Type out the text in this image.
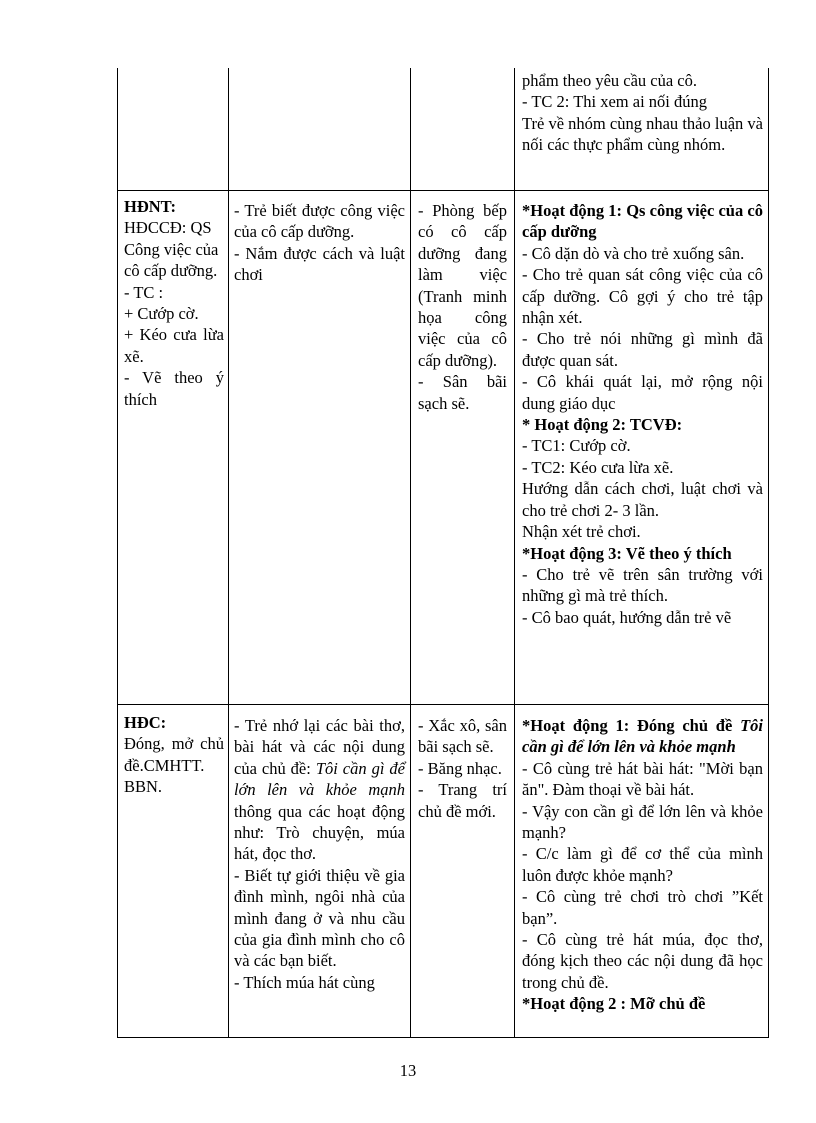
phẩm theo yêu cầu của cô.

- TC 2: Thi xem ai nối đúng

Trẻ về nhóm cùng nhau thảo luận và nối các thực phẩm cùng nhóm.

HĐNT:

HĐCCĐ: QS Công việc của cô cấp dưỡng.

- TC :

+ Cướp cờ.

+ Kéo cưa lừa xẽ.

- Vẽ theo ý thích

- Trẻ biết được công việc của cô cấp dưỡng.

- Nắm được cách và luật chơi

- Phòng bếp có cô cấp dưỡng đang làm việc (Tranh minh họa công việc của cô cấp dưỡng).

- Sân bãi sạch sẽ.

*Hoạt động 1: Qs công việc của cô cấp dưỡng

- Cô dặn dò và cho trẻ xuống sân.

- Cho trẻ quan sát công việc của cô cấp dưỡng. Cô gợi ý cho trẻ tập nhận xét.

- Cho trẻ nói những gì mình đã được quan sát.

- Cô khái quát lại, mở rộng nội dung giáo dục

* Hoạt động 2: TCVĐ:

- TC1: Cướp cờ.

- TC2: Kéo cưa lừa xẽ.

Hướng dẫn cách chơi, luật chơi và cho trẻ chơi 2- 3 lần.

Nhận xét trẻ chơi.

*Hoạt động 3: Vẽ theo ý thích

- Cho trẻ vẽ trên sân trường với những gì mà trẻ thích.

- Cô bao quát, hướng dẫn trẻ vẽ

HĐC:

Đóng, mở chủ đề.CMHTT. BBN.

- Trẻ nhớ lại các bài thơ, bài hát và các nội dung của chủ đề: Tôi cần gì để lớn lên và khỏe mạnh thông qua các hoạt động như: Trò chuyện, múa hát, đọc thơ.

- Biết tự giới thiệu về gia đình mình, ngôi nhà của mình đang ở và nhu cầu của gia đình mình cho cô và các bạn biết.

- Thích múa hát cùng

- Xắc xô, sân bãi sạch sẽ.

- Băng nhạc.

- Trang trí chủ đề mới.

*Hoạt động 1: Đóng chủ đề Tôi cần gì để lớn lên và khỏe mạnh

- Cô cùng trẻ hát bài hát: "Mời bạn ăn". Đàm thoại về bài hát.

- Vậy con cần gì để lớn lên và khỏe mạnh?

- C/c làm gì để cơ thể của mình luôn được khỏe mạnh?

- Cô cùng trẻ chơi trò chơi ”Kết bạn”.

- Cô cùng trẻ hát múa, đọc thơ, đóng kịch theo các nội dung đã học trong chủ đề.

*Hoạt động 2 : Mỡ chủ đề

13
